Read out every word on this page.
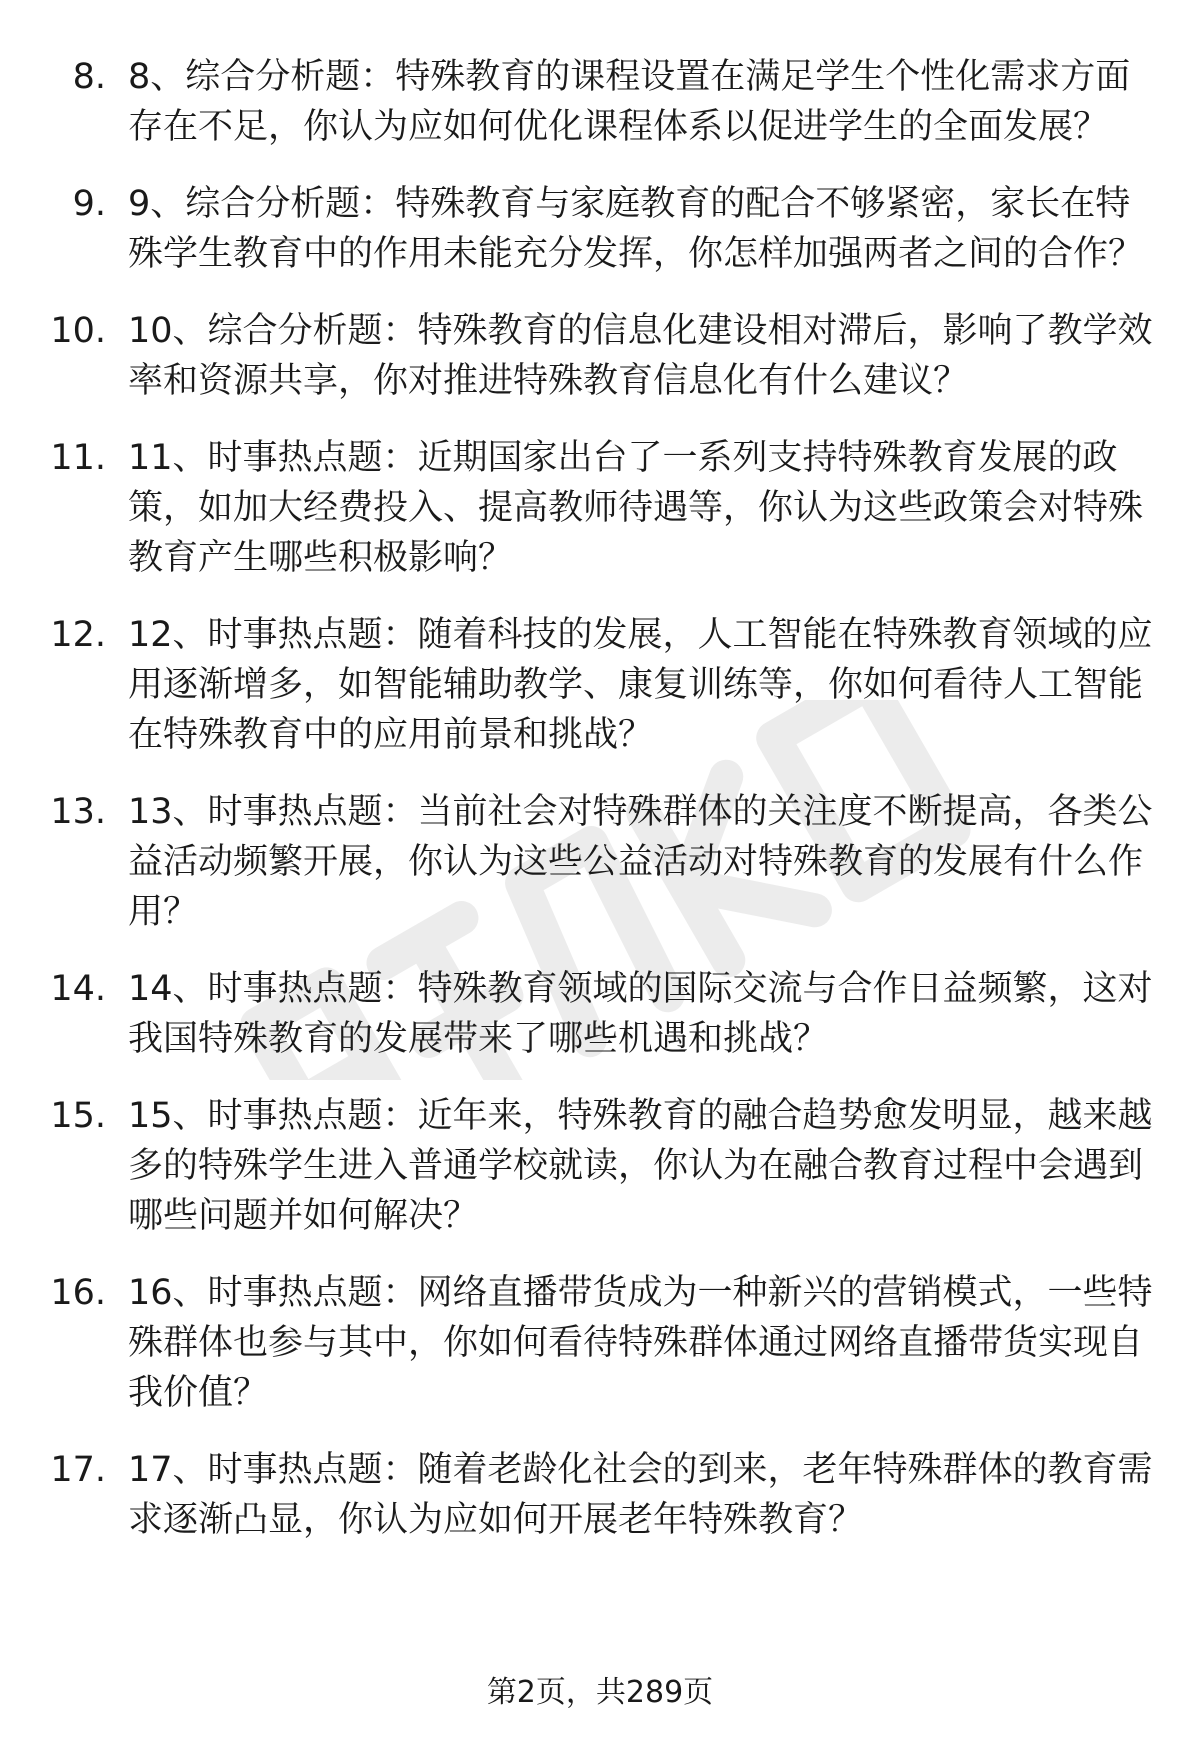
8. 8、综合分析题：特殊教育的课程设置在满足学生个性化需求方面存在不足，你认为应如何优化课程体系以促进学生的全面发展？
9. 9、综合分析题：特殊教育与家庭教育的配合不够紧密，家长在特殊学生教育中的作用未能充分发挥，你怎样加强两者之间的合作？
10. 10、综合分析题：特殊教育的信息化建设相对滞后，影响了教学效率和资源共享，你对推进特殊教育信息化有什么建议？
11. 11、时事热点题：近期国家出台了一系列支持特殊教育发展的政策，如加大经费投入、提高教师待遇等，你认为这些政策会对特殊教育产生哪些积极影响？
12. 12、时事热点题：随着科技的发展，人工智能在特殊教育领域的应用逐渐增多，如智能辅助教学、康复训练等，你如何看待人工智能在特殊教育中的应用前景和挑战？
13. 13、时事热点题：当前社会对特殊群体的关注度不断提高，各类公益活动频繁开展，你认为这些公益活动对特殊教育的发展有什么作用？
14. 14、时事热点题：特殊教育领域的国际交流与合作日益频繁，这对我国特殊教育的发展带来了哪些机遇和挑战？
15. 15、时事热点题：近年来，特殊教育的融合趋势愈发明显，越来越多的特殊学生进入普通学校就读，你认为在融合教育过程中会遇到哪些问题并如何解决？
16. 16、时事热点题：网络直播带货成为一种新兴的营销模式，一些特殊群体也参与其中，你如何看待特殊群体通过网络直播带货实现自我价值？
17. 17、时事热点题：随着老龄化社会的到来，老年特殊群体的教育需求逐渐凸显，你认为应如何开展老年特殊教育？
第2页，共289页
